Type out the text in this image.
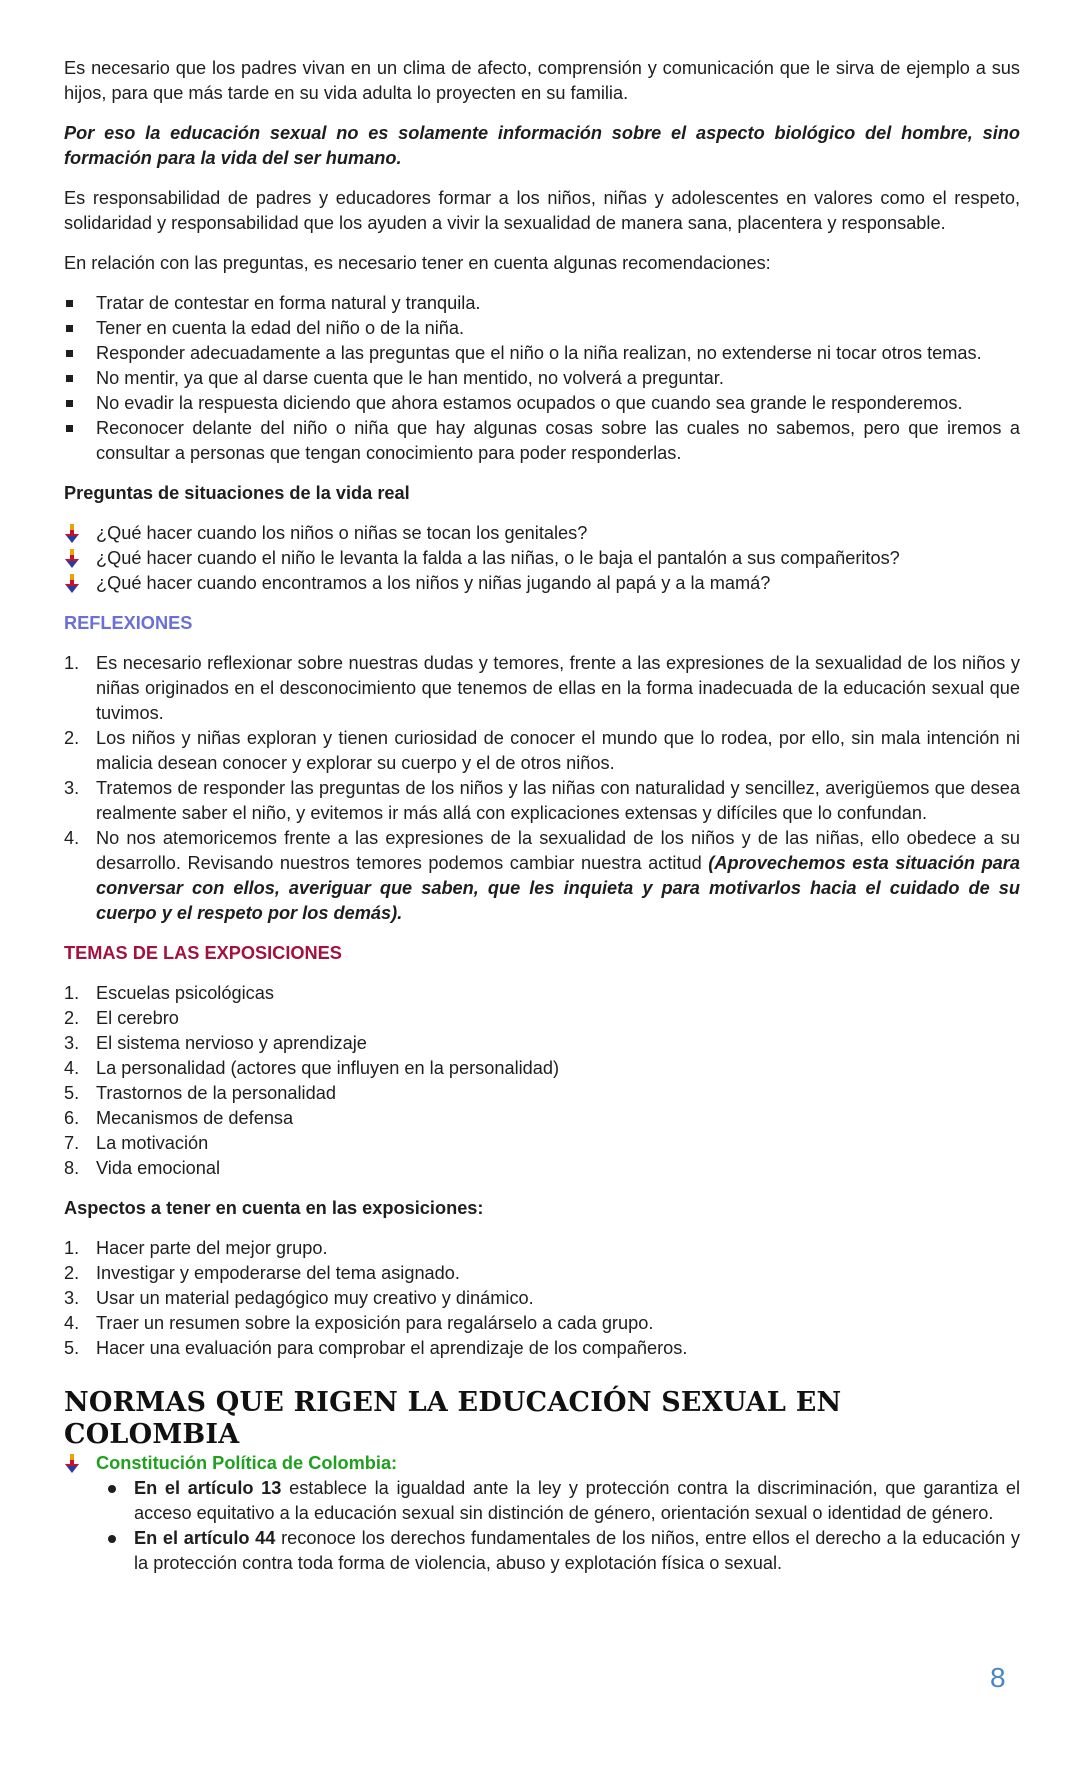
Es necesario que los padres vivan en un clima de afecto, comprensión y comunicación que le sirva de ejemplo a sus hijos, para que más tarde en su vida adulta lo proyecten en su familia.

Por eso la educación sexual no es solamente información sobre el aspecto biológico del hombre, sino formación para la vida del ser humano.

Es responsabilidad de padres y educadores formar a los niños, niñas y adolescentes en valores como el respeto, solidaridad y responsabilidad que los ayuden a vivir la sexualidad de manera sana, placentera y responsable.

En relación con las preguntas, es necesario tener en cuenta algunas recomendaciones:

Tratar de contestar en forma natural y tranquila.
Tener en cuenta la edad del niño o de la niña.
Responder adecuadamente a las preguntas que el niño o la niña realizan, no extenderse ni tocar otros temas.
No mentir, ya que al darse cuenta que le han mentido, no volverá a preguntar.
No evadir la respuesta diciendo que ahora estamos ocupados o que cuando sea grande le responderemos.
Reconocer delante del niño o niña que hay algunas cosas sobre las cuales no sabemos, pero que iremos a consultar a personas que tengan conocimiento para poder responderlas.

Preguntas de situaciones de la vida real

¿Qué hacer cuando los niños o niñas se tocan los genitales?
¿Qué hacer cuando el niño le levanta la falda a las niñas, o le baja el pantalón a sus compañeritos?
¿Qué hacer cuando encontramos a los niños y niñas jugando al papá y a la mamá?
REFLEXIONES
1. Es necesario reflexionar sobre nuestras dudas y temores, frente a las expresiones de la sexualidad de los niños y niñas originados en el desconocimiento que tenemos de ellas en la forma inadecuada de la educación sexual que tuvimos.
2. Los niños y niñas exploran y tienen curiosidad de conocer el mundo que lo rodea, por ello, sin mala intención ni malicia desean conocer y explorar su cuerpo y el de otros niños.
3. Tratemos de responder las preguntas de los niños y las niñas con naturalidad y sencillez, averigüemos que desea realmente saber el niño, y evitemos ir más allá con explicaciones extensas y difíciles que lo confundan.
4. No nos atemoricemos frente a las expresiones de la sexualidad de los niños y de las niñas, ello obedece a su desarrollo. Revisando nuestros temores podemos cambiar nuestra actitud (Aprovechemos esta situación para conversar con ellos, averiguar que saben, que les inquieta y para motivarlos hacia el cuidado de su cuerpo y el respeto por los demás).
TEMAS DE LAS EXPOSICIONES
1. Escuelas psicológicas
2. El cerebro
3. El sistema nervioso y aprendizaje
4. La personalidad (actores que influyen en la personalidad)
5. Trastornos de la personalidad
6. Mecanismos de defensa
7. La motivación
8. Vida emocional

Aspectos a tener en cuenta en las exposiciones:

1. Hacer parte del mejor grupo.
2. Investigar y empoderarse del tema asignado.
3. Usar un material pedagógico muy creativo y dinámico.
4. Traer un resumen sobre la exposición para regalárselo a cada grupo.
5. Hacer una evaluación para comprobar el aprendizaje de los compañeros.
NORMAS QUE RIGEN LA EDUCACIÓN SEXUAL EN COLOMBIA
Constitución Política de Colombia:
En el artículo 13 establece la igualdad ante la ley y protección contra la discriminación, que garantiza el acceso equitativo a la educación sexual sin distinción de género, orientación sexual o identidad de género.
En el artículo 44 reconoce los derechos fundamentales de los niños, entre ellos el derecho a la educación y la protección contra toda forma de violencia, abuso y explotación física o sexual.
8
